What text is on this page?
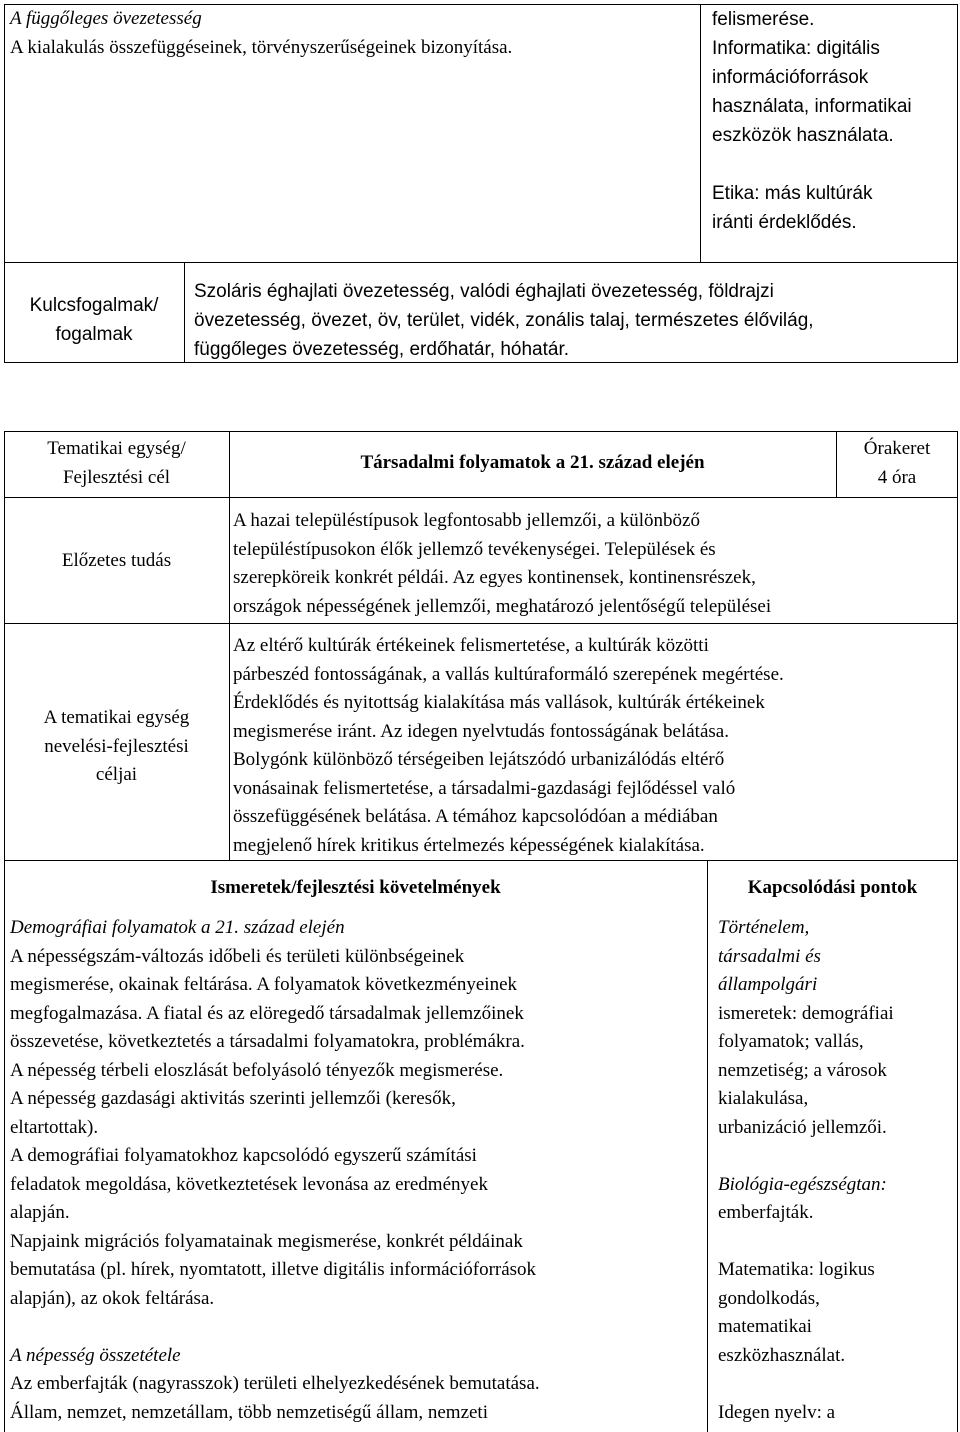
A függőleges övezetesség
A kialakulás összefüggéseinek, törvényszerűségeinek bizonyítása.
felismerése.
Informatika: digitális
információforrások
használata, informatikai
eszközök használata.
Etika: más kultúrák
iránti érdeklődés.
Kulcsfogalmak/
fogalmak
Szoláris éghajlati övezetesség, valódi éghajlati övezetesség, földrajzi
övezetesség, övezet, öv, terület, vidék, zonális talaj, természetes élővilág,
függőleges övezetesség, erdőhatár, hóhatár.
Tematikai egység/
Fejlesztési cél
Társadalmi folyamatok a 21. század elején
Órakeret
4 óra
Előzetes tudás
A hazai településtípusok legfontosabb jellemzői, a különböző
településtípusokon élők jellemző tevékenységei. Települések és
szerepköreik konkrét példái. Az egyes kontinensek, kontinensrészek,
országok népességének jellemzői, meghatározó jelentőségű települései
A tematikai egység
nevelési-fejlesztési
céljai
Az eltérő kultúrák értékeinek felismertetése, a kultúrák közötti
párbeszéd fontosságának, a vallás kultúraformáló szerepének megértése.
Érdeklődés és nyitottság kialakítása más vallások, kultúrák értékeinek
megismerése iránt. Az idegen nyelvtudás fontosságának belátása.
Bolygónk különböző térségeiben lejátszódó urbanizálódás eltérő
vonásainak felismertetése, a társadalmi-gazdasági fejlődéssel való
összefüggésének belátása. A témához kapcsolódóan a médiában
megjelenő hírek kritikus értelmezés képességének kialakítása.
Ismeretek/fejlesztési követelmények	Kapcsolódási pontok
Demográfiai folyamatok a 21. század elején
A népességszám-változás időbeli és területi különbségeinek
megismerése, okainak feltárása. A folyamatok következményeinek
megfogalmazása. A fiatal és az elöregedő társadalmak jellemzőinek
összevetése, következtetés a társadalmi folyamatokra, problémákra.
A népesség térbeli eloszlását befolyásoló tényezők megismerése.
A népesség gazdasági aktivitás szerinti jellemzői (keresők,
eltartottak).
A demográfiai folyamatokhoz kapcsolódó egyszerű számítási
feladatok megoldása, következtetések levonása az eredmények
alapján.
Napjaink migrációs folyamatainak megismerése, konkrét példáinak
bemutatása (pl. hírek, nyomtatott, illetve digitális információforrások
alapján), az okok feltárása.
A népesség összetétele
Az emberfajták (nagyrasszok) területi elhelyezkedésének bemutatása.
Állam, nemzet, nemzetállam, több nemzetiségű állam, nemzeti
Történelem,
társadalmi és
állampolgári
ismeretek: demográfiai
folyamatok; vallás,
nemzetiség; a városok
kialakulása,
urbanizáció jellemzői.
Biológia-egészségtan:
emberfajták.
Matematika: logikus
gondolkodás,
matematikai
eszközhasználat.
Idegen nyelv: a
